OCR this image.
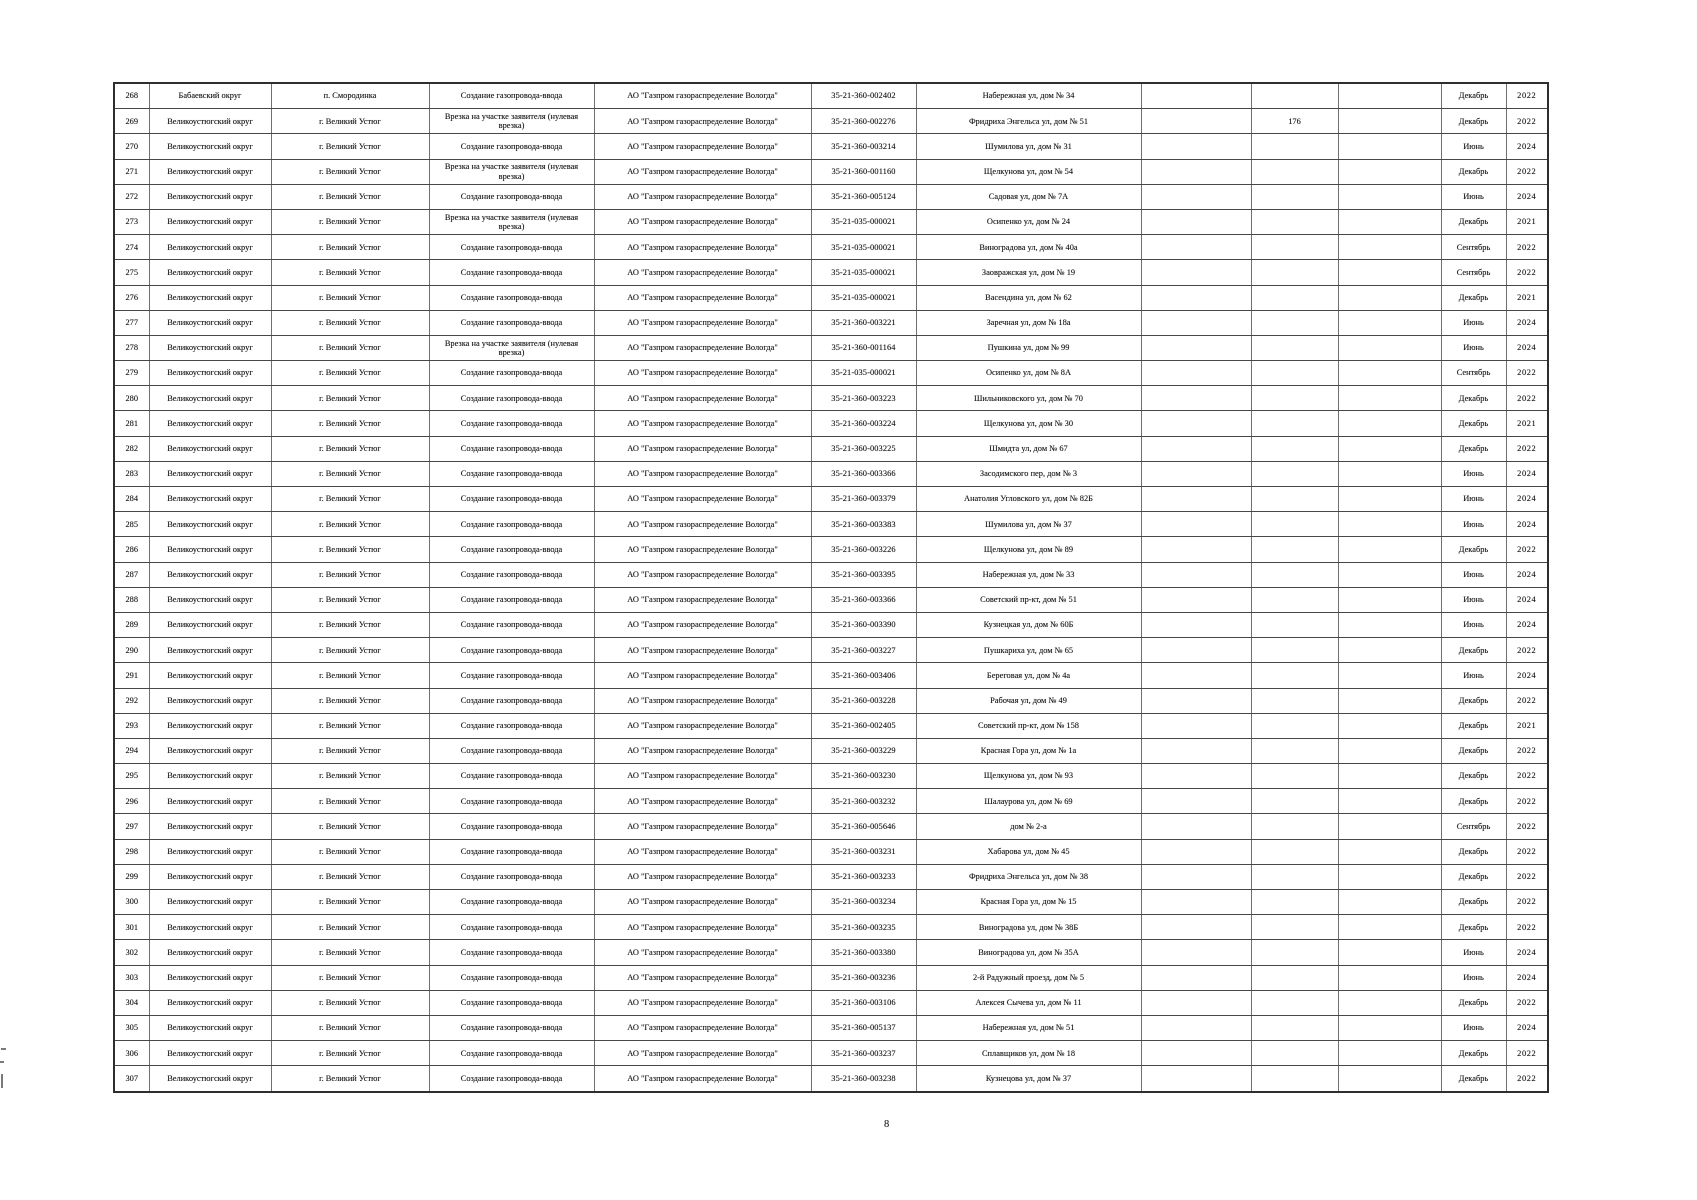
268	Бабаевский округ	п. Смородинка	Создание газопровода-ввода	АО "Газпром газораспределение Вологда"	35-21-360-002402	Набережная ул, дом № 34				Декабрь	2022
269	Великоустюгский округ	г. Великий Устюг	Врезка на участке заявителя (нулевая врезка)	АО "Газпром газораспределение Вологда"	35-21-360-002276	Фридриха Энгельса ул, дом № 51		176		Декабрь	2022
270	Великоустюгский округ	г. Великий Устюг	Создание газопровода-ввода	АО "Газпром газораспределение Вологда"	35-21-360-003214	Шумилова ул, дом № 31				Июнь	2024
271	Великоустюгский округ	г. Великий Устюг	Врезка на участке заявителя (нулевая врезка)	АО "Газпром газораспределение Вологда"	35-21-360-001160	Щелкунова ул, дом № 54				Декабрь	2022
272	Великоустюгский округ	г. Великий Устюг	Создание газопровода-ввода	АО "Газпром газораспределение Вологда"	35-21-360-005124	Садовая ул, дом № 7А				Июнь	2024
273	Великоустюгский округ	г. Великий Устюг	Врезка на участке заявителя (нулевая врезка)	АО "Газпром газораспределение Вологда"	35-21-035-000021	Осипенко ул, дом № 24				Декабрь	2021
274	Великоустюгский округ	г. Великий Устюг	Создание газопровода-ввода	АО "Газпром газораспределение Вологда"	35-21-035-000021	Виноградова ул, дом № 40а				Сентябрь	2022
275	Великоустюгский округ	г. Великий Устюг	Создание газопровода-ввода	АО "Газпром газораспределение Вологда"	35-21-035-000021	Заовражская ул, дом № 19				Сентябрь	2022
276	Великоустюгский округ	г. Великий Устюг	Создание газопровода-ввода	АО "Газпром газораспределение Вологда"	35-21-035-000021	Васендина ул, дом № 62				Декабрь	2021
277	Великоустюгский округ	г. Великий Устюг	Создание газопровода-ввода	АО "Газпром газораспределение Вологда"	35-21-360-003221	Заречная ул, дом № 18а				Июнь	2024
278	Великоустюгский округ	г. Великий Устюг	Врезка на участке заявителя (нулевая врезка)	АО "Газпром газораспределение Вологда"	35-21-360-001164	Пушкина ул, дом № 99				Июнь	2024
279	Великоустюгский округ	г. Великий Устюг	Создание газопровода-ввода	АО "Газпром газораспределение Вологда"	35-21-035-000021	Осипенко ул, дом № 8А				Сентябрь	2022
280	Великоустюгский округ	г. Великий Устюг	Создание газопровода-ввода	АО "Газпром газораспределение Вологда"	35-21-360-003223	Шильниковского ул, дом № 70				Декабрь	2022
281	Великоустюгский округ	г. Великий Устюг	Создание газопровода-ввода	АО "Газпром газораспределение Вологда"	35-21-360-003224	Щелкунова ул, дом № 30				Декабрь	2021
282	Великоустюгский округ	г. Великий Устюг	Создание газопровода-ввода	АО "Газпром газораспределение Вологда"	35-21-360-003225	Шмидта ул, дом № 67				Декабрь	2022
283	Великоустюгский округ	г. Великий Устюг	Создание газопровода-ввода	АО "Газпром газораспределение Вологда"	35-21-360-003366	Засодимского пер, дом № 3				Июнь	2024
284	Великоустюгский округ	г. Великий Устюг	Создание газопровода-ввода	АО "Газпром газораспределение Вологда"	35-21-360-003379	Анатолия Угловского ул, дом № 82Б				Июнь	2024
285	Великоустюгский округ	г. Великий Устюг	Создание газопровода-ввода	АО "Газпром газораспределение Вологда"	35-21-360-003383	Шумилова ул, дом № 37				Июнь	2024
286	Великоустюгский округ	г. Великий Устюг	Создание газопровода-ввода	АО "Газпром газораспределение Вологда"	35-21-360-003226	Щелкунова ул, дом № 89				Декабрь	2022
287	Великоустюгский округ	г. Великий Устюг	Создание газопровода-ввода	АО "Газпром газораспределение Вологда"	35-21-360-003395	Набережная ул, дом № 33				Июнь	2024
288	Великоустюгский округ	г. Великий Устюг	Создание газопровода-ввода	АО "Газпром газораспределение Вологда"	35-21-360-003366	Советский пр-кт, дом № 51				Июнь	2024
289	Великоустюгский округ	г. Великий Устюг	Создание газопровода-ввода	АО "Газпром газораспределение Вологда"	35-21-360-003390	Кузнецкая ул, дом № 60Б				Июнь	2024
290	Великоустюгский округ	г. Великий Устюг	Создание газопровода-ввода	АО "Газпром газораспределение Вологда"	35-21-360-003227	Пушкариха ул, дом № 65				Декабрь	2022
291	Великоустюгский округ	г. Великий Устюг	Создание газопровода-ввода	АО "Газпром газораспределение Вологда"	35-21-360-003406	Береговая ул, дом № 4а				Июнь	2024
292	Великоустюгский округ	г. Великий Устюг	Создание газопровода-ввода	АО "Газпром газораспределение Вологда"	35-21-360-003228	Рабочая ул, дом № 49				Декабрь	2022
293	Великоустюгский округ	г. Великий Устюг	Создание газопровода-ввода	АО "Газпром газораспределение Вологда"	35-21-360-002405	Советский пр-кт, дом № 158				Декабрь	2021
294	Великоустюгский округ	г. Великий Устюг	Создание газопровода-ввода	АО "Газпром газораспределение Вологда"	35-21-360-003229	Красная Гора ул, дом № 1а				Декабрь	2022
295	Великоустюгский округ	г. Великий Устюг	Создание газопровода-ввода	АО "Газпром газораспределение Вологда"	35-21-360-003230	Щелкунова ул, дом № 93				Декабрь	2022
296	Великоустюгский округ	г. Великий Устюг	Создание газопровода-ввода	АО "Газпром газораспределение Вологда"	35-21-360-003232	Шалаурова ул, дом № 69				Декабрь	2022
297	Великоустюгский округ	г. Великий Устюг	Создание газопровода-ввода	АО "Газпром газораспределение Вологда"	35-21-360-005646	дом № 2-а				Сентябрь	2022
298	Великоустюгский округ	г. Великий Устюг	Создание газопровода-ввода	АО "Газпром газораспределение Вологда"	35-21-360-003231	Хабарова ул, дом № 45				Декабрь	2022
299	Великоустюгский округ	г. Великий Устюг	Создание газопровода-ввода	АО "Газпром газораспределение Вологда"	35-21-360-003233	Фридриха Энгельса ул, дом № 38				Декабрь	2022
300	Великоустюгский округ	г. Великий Устюг	Создание газопровода-ввода	АО "Газпром газораспределение Вологда"	35-21-360-003234	Красная Гора ул, дом № 15				Декабрь	2022
301	Великоустюгский округ	г. Великий Устюг	Создание газопровода-ввода	АО "Газпром газораспределение Вологда"	35-21-360-003235	Виноградова ул, дом № 38Б				Декабрь	2022
302	Великоустюгский округ	г. Великий Устюг	Создание газопровода-ввода	АО "Газпром газораспределение Вологда"	35-21-360-003380	Виноградова ул, дом № 35А				Июнь	2024
303	Великоустюгский округ	г. Великий Устюг	Создание газопровода-ввода	АО "Газпром газораспределение Вологда"	35-21-360-003236	2-й Радужный проезд, дом № 5				Июнь	2024
304	Великоустюгский округ	г. Великий Устюг	Создание газопровода-ввода	АО "Газпром газораспределение Вологда"	35-21-360-003106	Алексея Сычева ул, дом № 11				Декабрь	2022
305	Великоустюгский округ	г. Великий Устюг	Создание газопровода-ввода	АО "Газпром газораспределение Вологда"	35-21-360-005137	Набережная ул, дом № 51				Июнь	2024
306	Великоустюгский округ	г. Великий Устюг	Создание газопровода-ввода	АО "Газпром газораспределение Вологда"	35-21-360-003237	Сплавщиков ул, дом № 18				Декабрь	2022
307	Великоустюгский округ	г. Великий Устюг	Создание газопровода-ввода	АО "Газпром газораспределение Вологда"	35-21-360-003238	Кузнецова ул, дом № 37				Декабрь	2022
8
